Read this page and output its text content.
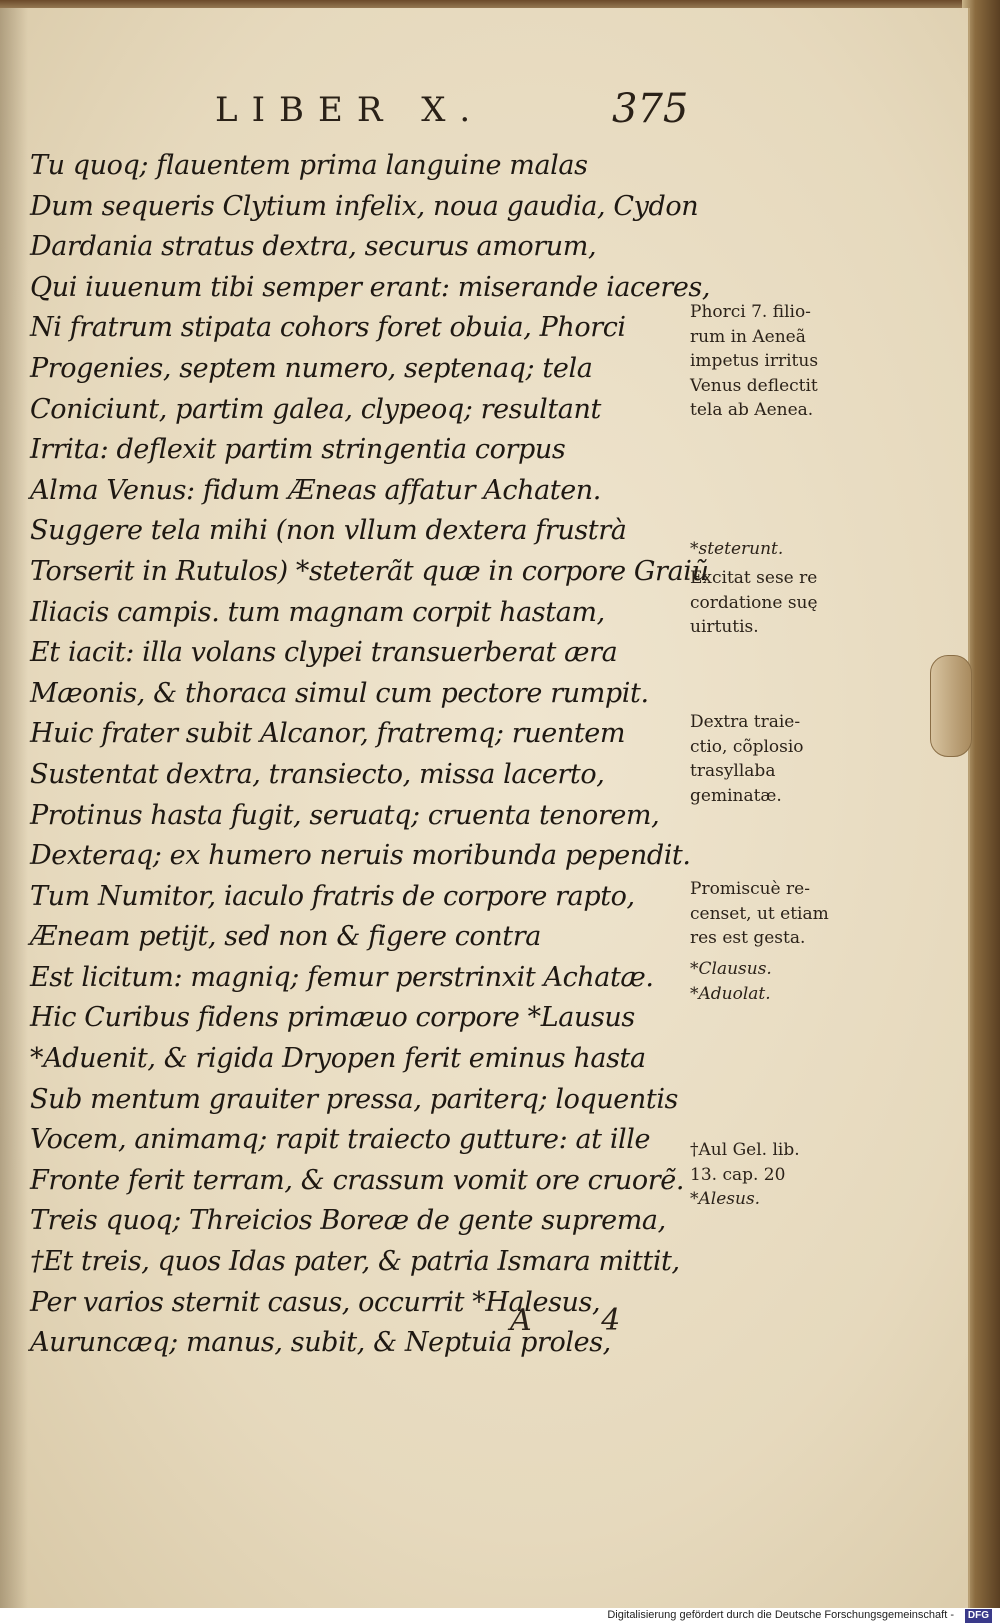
LIBER X.	375
Tu quoq; flauentem prima languine malas
Dum sequeris Clytium infelix, noua gaudia, Cydon
Dardania stratus dextra, securus amorum,
Qui iuuenum tibi semper erant: miserande iaceres,
Ni fratrum stipata cohors foret obuia, Phorci
Progenies, septem numero, septenaq; tela
Coniciunt, partim galea, clypeoq; resultant
Irrita: deflexit partim stringentia corpus
Alma Venus: fidum Æneas affatur Achaten.
Suggere tela mihi (non vllum dextera frustrà
Torserit in Rutulos) *steterãt quæ in corpore Graiũ
Iliacis campis. tum magnam corpit hastam,
Et iacit: illa volans clypei transuerberat æra
Mæonis, & thoraca simul cum pectore rumpit.
Huic frater subit Alcanor, fratremq; ruentem
Sustentat dextra, transiecto, missa lacerto,
Protinus hasta fugit, seruatq; cruenta tenorem,
Dexteraq; ex humero neruis moribunda pependit.
Tum Numitor, iaculo fratris de corpore rapto,
Æneam petijt, sed non & figere contra
Est licitum: magniq; femur perstrinxit Achatæ.
Hic Curibus fidens primæuo corpore *Lausus
*Aduenit, & rigida Dryopen ferit eminus hasta
Sub mentum grauiter pressa, pariterq; loquentis
Vocem, animamq; rapit traiecto gutture: at ille
Fronte ferit terram, & crassum vomit ore cruorẽ.
Treis quoq; Threicios Boreæ de gente suprema,
†Et treis, quos Idas pater, & patria Ismara mittit,
Per varios sternit casus, occurrit *Halesus,
Auruncæq; manus, subit, & Neptuia proles,
Phorci 7. filio-
rum in Aeneã
impetus irritus
Venus deflectit
tela ab Aenea.
*steterunt.
Excitat sese re
cordatione suę
uirtutis.
Dextra traie-
ctio, cõplosio
trasyllaba
geminatæ.
Promiscuè re-
censet, ut etiam
res est gesta.
*Clausus.
*Aduolat.
†Aul Gel. lib.
13. cap. 20
*Alesus.
A 4
Digitalisierung gefördert durch die Deutsche Forschungsgemeinschaft -	DFG
